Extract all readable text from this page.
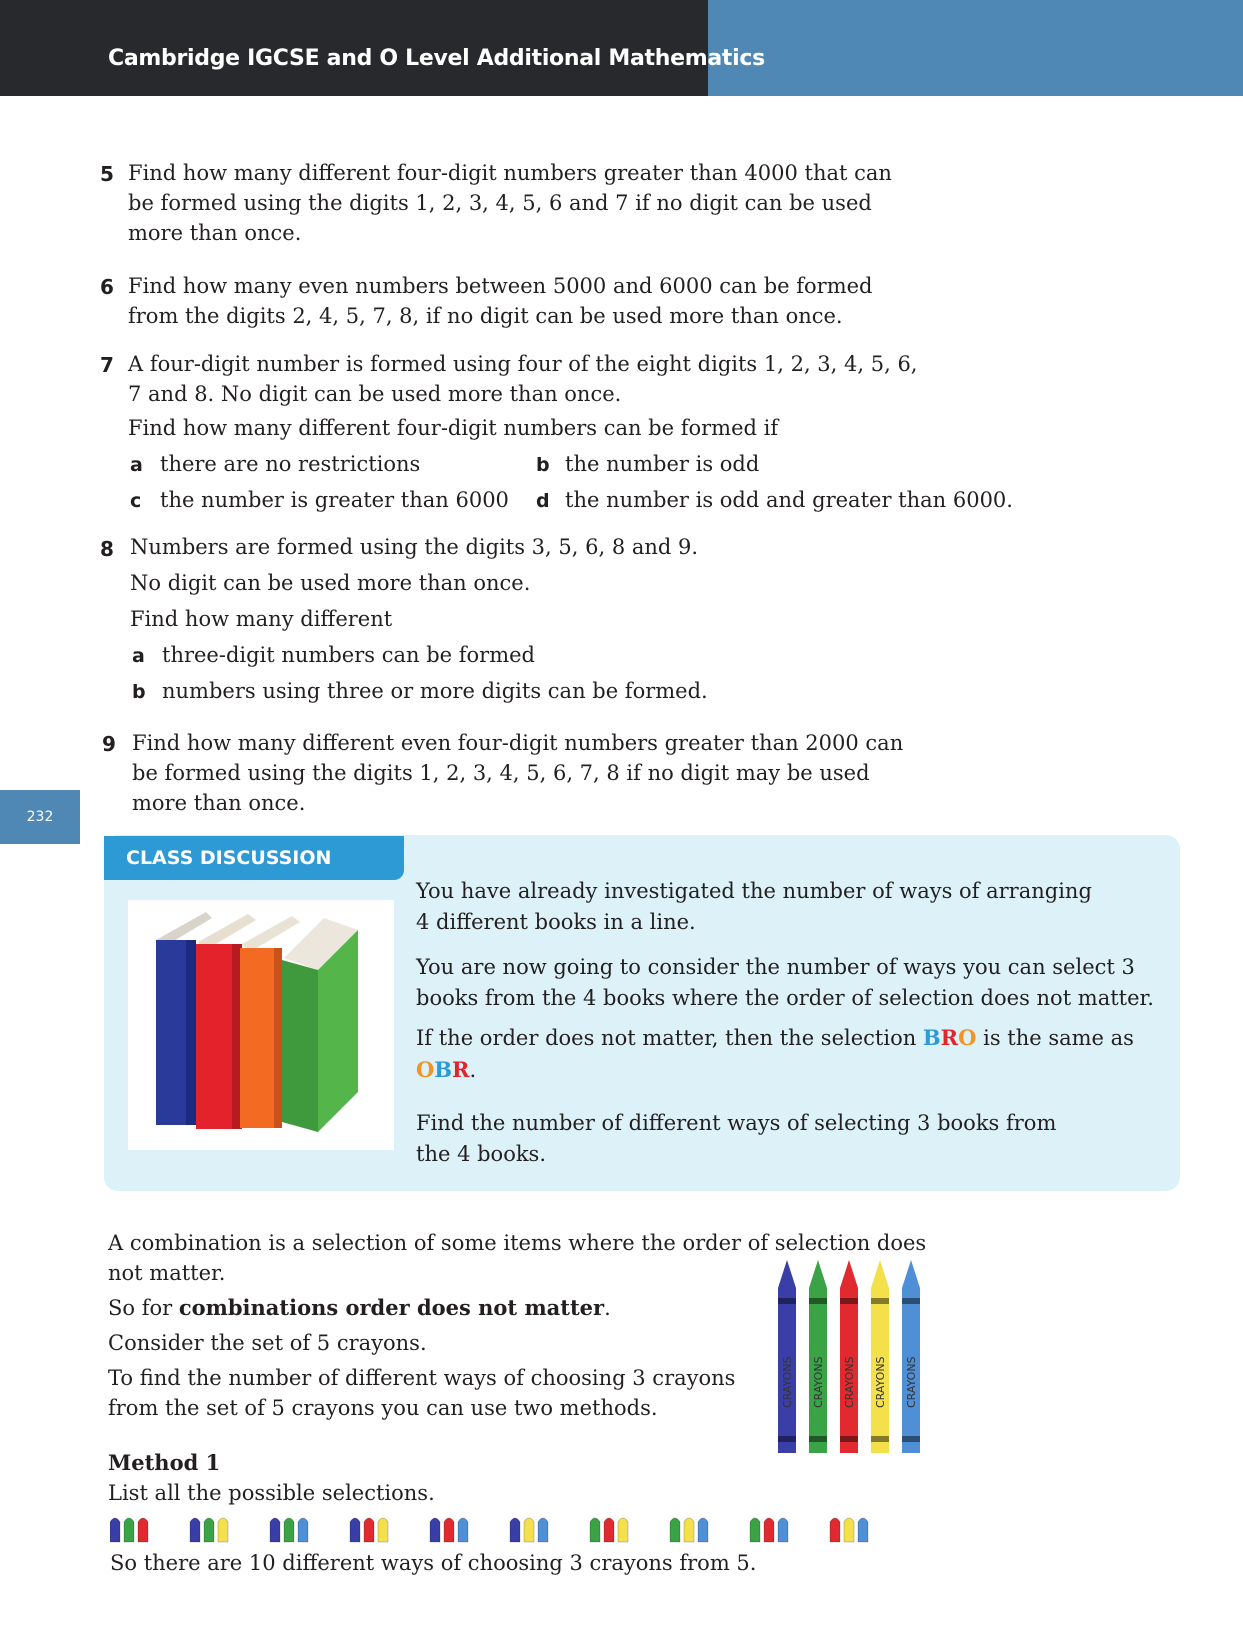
Cambridge IGCSE and O Level Additional Mathematics
232
5 Find how many different four-digit numbers greater than 4000 that can be formed using the digits 1, 2, 3, 4, 5, 6 and 7 if no digit can be used more than once.
6 Find how many even numbers between 5000 and 6000 can be formed from the digits 2, 4, 5, 7, 8, if no digit can be used more than once.
7 A four-digit number is formed using four of the eight digits 1, 2, 3, 4, 5, 6, 7 and 8. No digit can be used more than once.
Find how many different four-digit numbers can be formed if
a there are no restrictions	b the number is odd
c the number is greater than 6000 d the number is odd and greater than 6000.
8 Numbers are formed using the digits 3, 5, 6, 8 and 9.
No digit can be used more than once.
Find how many different
a three-digit numbers can be formed
b numbers using three or more digits can be formed.
9 Find how many different even four-digit numbers greater than 2000 can be formed using the digits 1, 2, 3, 4, 5, 6, 7, 8 if no digit may be used more than once.
CLASS DISCUSSION
You have already investigated the number of ways of arranging 4 different books in a line.
You are now going to consider the number of ways you can select 3 books from the 4 books where the order of selection does not matter.
If the order does not matter, then the selection BRO is the same as
OBR.
Find the number of different ways of selecting 3 books from the 4 books.
A combination is a selection of some items where the order of selection does not matter.
So for combinations order does not matter.
Consider the set of 5 crayons.
To find the number of different ways of choosing 3 crayons from the set of 5 crayons you can use two methods.
Method 1
List all the possible selections.
CRAYONS CRAYONS CRAYONS CRAYONS CRAYONS
So there are 10 different ways of choosing 3 crayons from 5.
